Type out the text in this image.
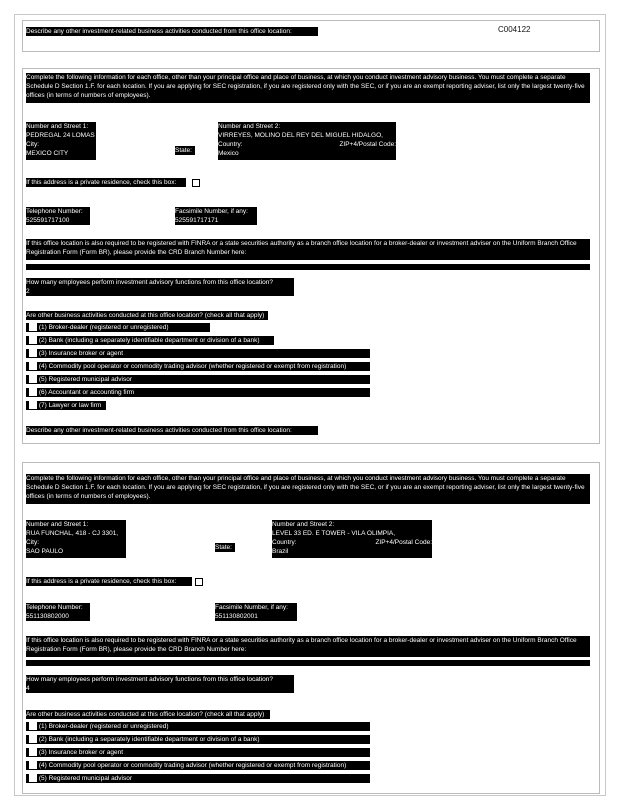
Describe any other investment-related business activities conducted from this office location:	C004122
Complete the following information for each office, other than your principal office and place of business, at which you conduct investment advisory business. You must complete a separate Schedule D Section 1.F. for each location. If you are applying for SEC registration, if you are registered only with the SEC, or if you are an exempt reporting adviser, list only the largest twenty-five offices (in terms of numbers of employees).
Number and Street 1:
PEDREGAL 24 LOMAS
City:
MEXICO CITY	State:
Number and Street 2:
VIRREYES, MOLINO DEL REY DEL MIGUEL HIDALGO,
Country:	ZIP+4/Postal Code:
Mexico
If this address is a private residence, check this box:
Telephone Number:
525591717100
Facsimile Number, if any:
525591717171
If this office location is also required to be registered with FINRA or a state securities authority as a branch office location for a broker-dealer or investment adviser on the Uniform Branch Office Registration Form (Form BR), please provide the CRD Branch Number here:
How many employees perform investment advisory functions from this office location?
2
Are other business activities conducted at this office location? (check all that apply)
(1) Broker-dealer (registered or unregistered)
(2) Bank (including a separately identifiable department or division of a bank)
(3) Insurance broker or agent
(4) Commodity pool operator or commodity trading advisor (whether registered or exempt from registration)
(5) Registered municipal advisor
(6) Accountant or accounting firm
(7) Lawyer or law firm
Describe any other investment-related business activities conducted from this office location:
Complete the following information for each office, other than your principal office and place of business, at which you conduct investment advisory business. You must complete a separate Schedule D Section 1.F. for each location. If you are applying for SEC registration, if you are registered only with the SEC, or if you are an exempt reporting adviser, list only the largest twenty-five offices (in terms of numbers of employees).
Number and Street 1:
RUA FUNCHAL, 418 - CJ 3301,
City:
SAO PAULO
State:
Number and Street 2:
LEVEL 33 ED. E TOWER - VILA OLIMPIA,
Country:	ZIP+4/Postal Code:
Brazil
If this address is a private residence, check this box:
Telephone Number:
551130802000
Facsimile Number, if any:
551130802001
If this office location is also required to be registered with FINRA or a state securities authority as a branch office location for a broker-dealer or investment adviser on the Uniform Branch Office Registration Form (Form BR), please provide the CRD Branch Number here:
How many employees perform investment advisory functions from this office location?
4
Are other business activities conducted at this office location? (check all that apply)
(1) Broker-dealer (registered or unregistered)
(2) Bank (including a separately identifiable department or division of a bank)
(3) Insurance broker or agent
(4) Commodity pool operator or commodity trading advisor (whether registered or exempt from registration)
(5) Registered municipal advisor
